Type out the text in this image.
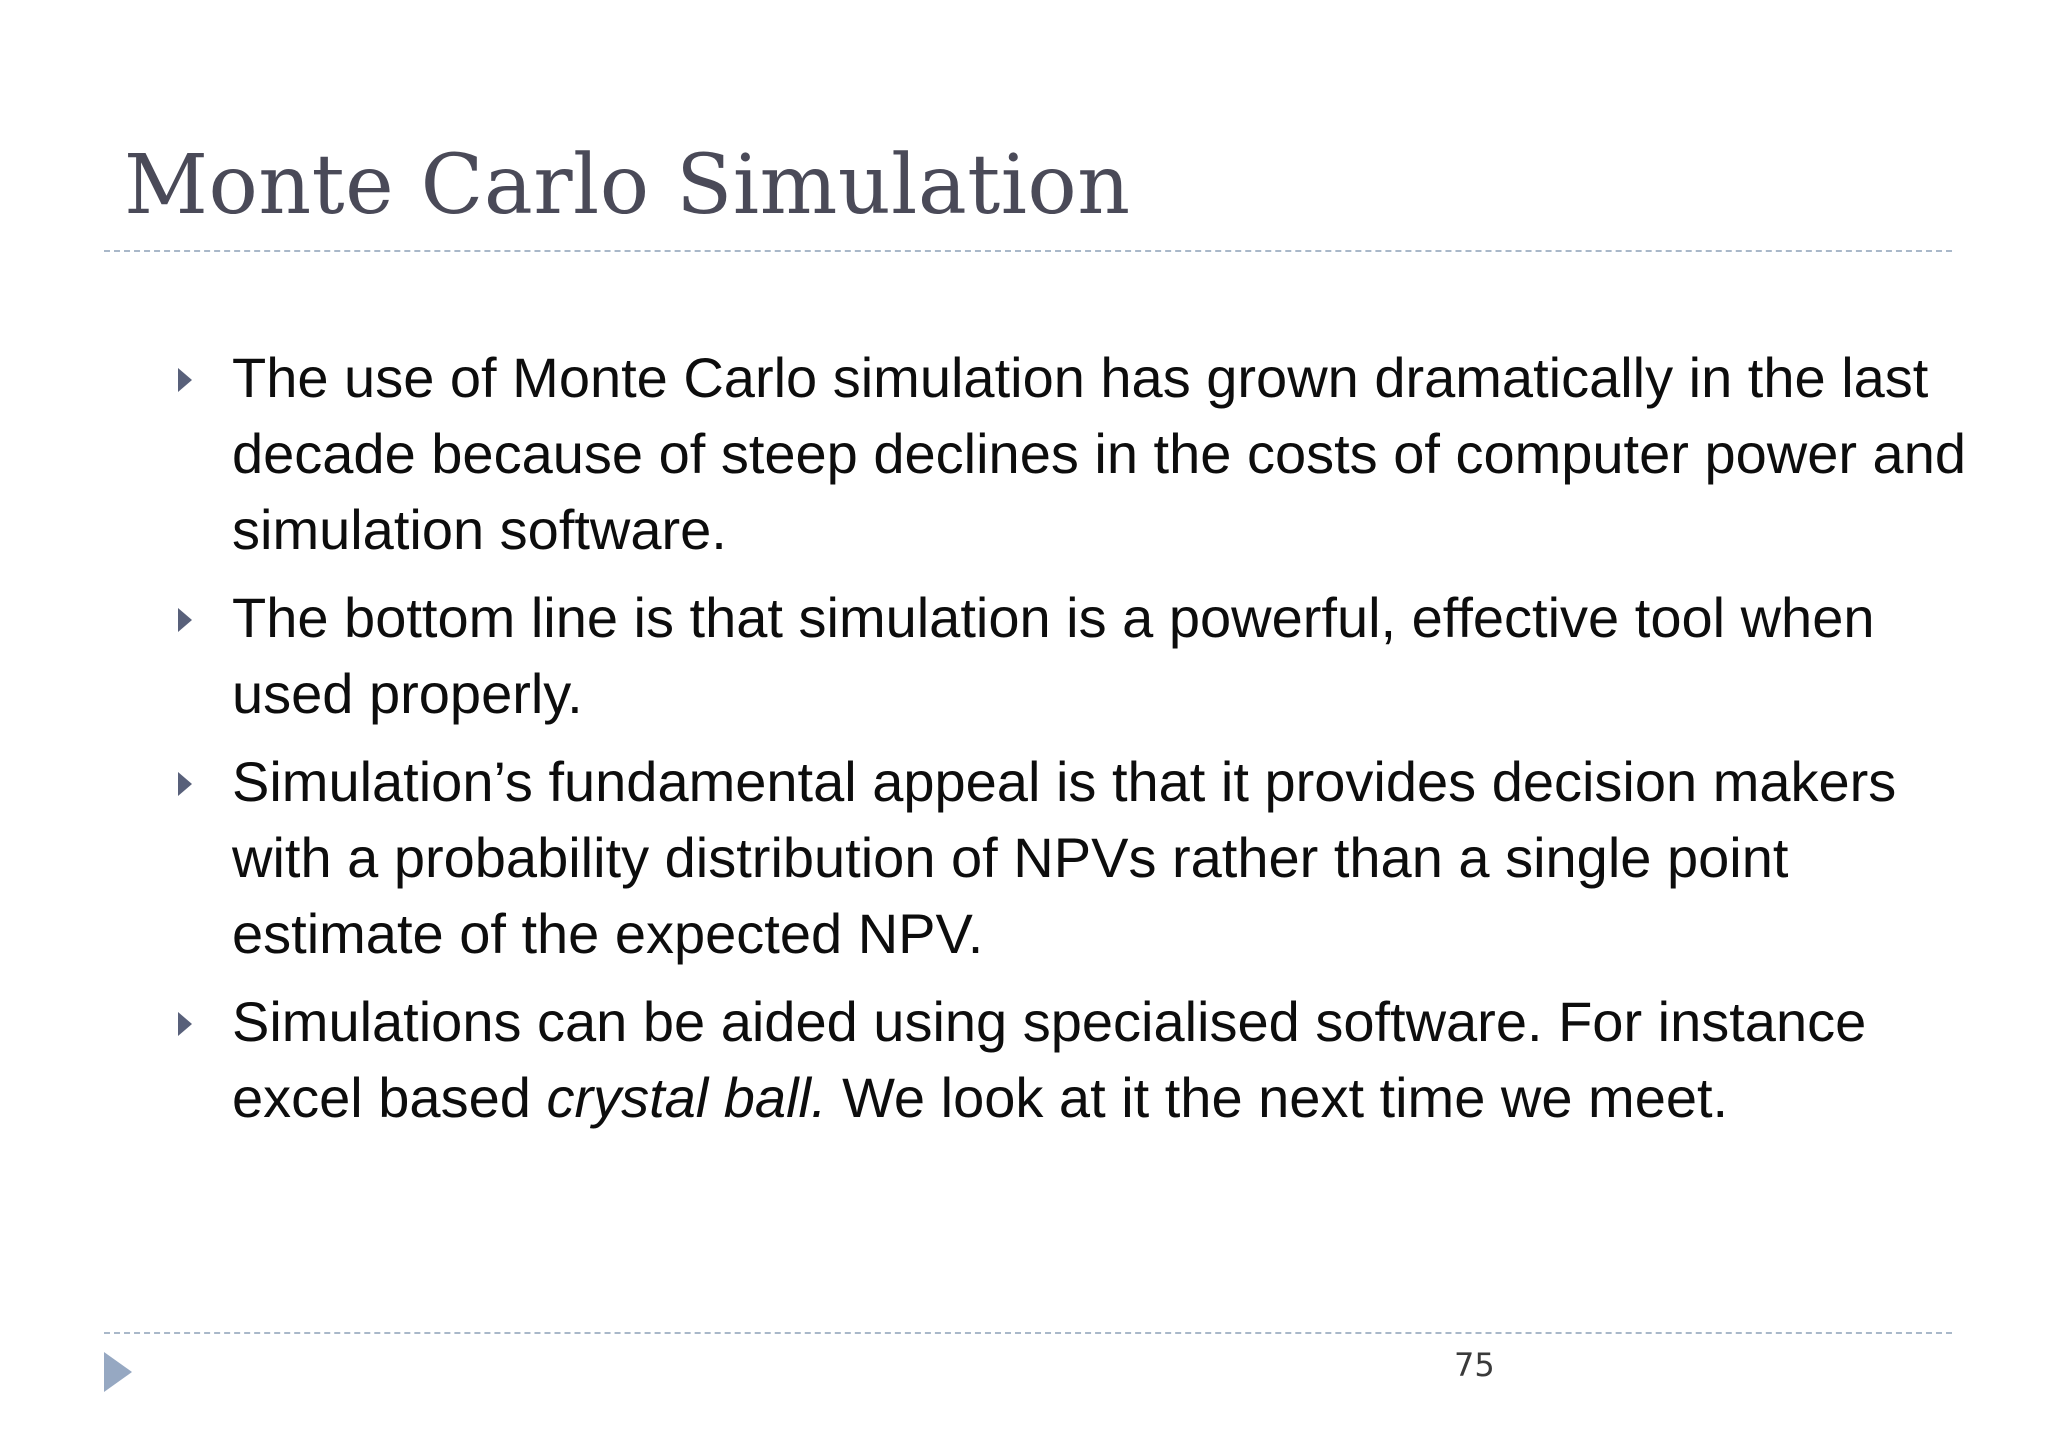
Monte Carlo Simulation
The use of Monte Carlo simulation has grown dramatically in the last decade because of steep declines in the costs of computer power and simulation software.
The bottom line is that simulation is a powerful, effective tool when used properly.
Simulation’s fundamental appeal is that it provides decision makers with a probability distribution of NPVs rather than a single point estimate of the expected NPV.
Simulations can be aided using specialised software. For instance excel based crystal ball. We look at it the next time we meet.
75
